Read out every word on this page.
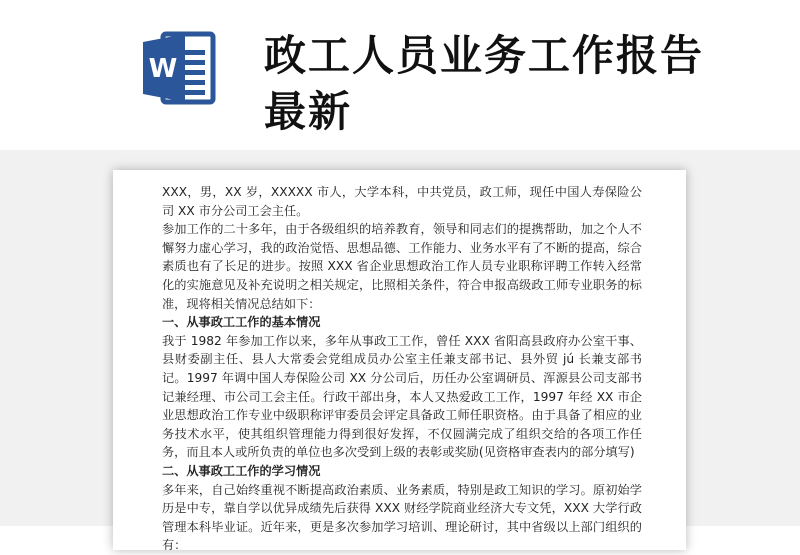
W 政工人员业务工作报告最新

XXX，男，XX 岁，XXXXX 市人，大学本科，中共党员，政工师，现任中国人寿保险公司 XX 市分公司工会主任。

参加工作的二十多年，由于各级组织的培养教育，领导和同志们的提携帮助，加之个人不懈努力虚心学习，我的政治觉悟、思想品德、工作能力、业务水平有了不断的提高，综合素质也有了长足的进步。按照 XXX 省企业思想政治工作人员专业职称评聘工作转入经常化的实施意见及补充说明之相关规定，比照相关条件，符合申报高级政工师专业职务的标准，现将相关情况总结如下：

一、从事政工工作的基本情况

我于 1982 年参加工作以来，多年从事政工工作，曾任 XXX 省阳高县政府办公室干事、县财委副主任、县人大常委会党组成员办公室主任兼支部书记、县外贸 jú 长兼支部书记。1997 年调中国人寿保险公司 XX 分公司后，历任办公室调研员、浑源县公司支部书记兼经理、市公司工会主任。行政干部出身，本人又热爱政工工作，1997 年经 XX 市企业思想政治工作专业中级职称评审委员会评定具备政工师任职资格。由于具备了相应的业务技术水平，使其组织管理能力得到很好发挥，不仅圆满完成了组织交给的各项工作任务，而且本人或所负责的单位也多次受到上级的表彰或奖励(见资格审查表内的部分填写)

二、从事政工工作的学习情况

多年来，自己始终重视不断提高政治素质、业务素质，特别是政工知识的学习。原初始学历是中专，靠自学以优异成绩先后获得 XXX 财经学院商业经济大专文凭，XXX 大学行政管理本科毕业证。近年来，更是多次参加学习培训、理论研讨，其中省级以上部门组织的有：
